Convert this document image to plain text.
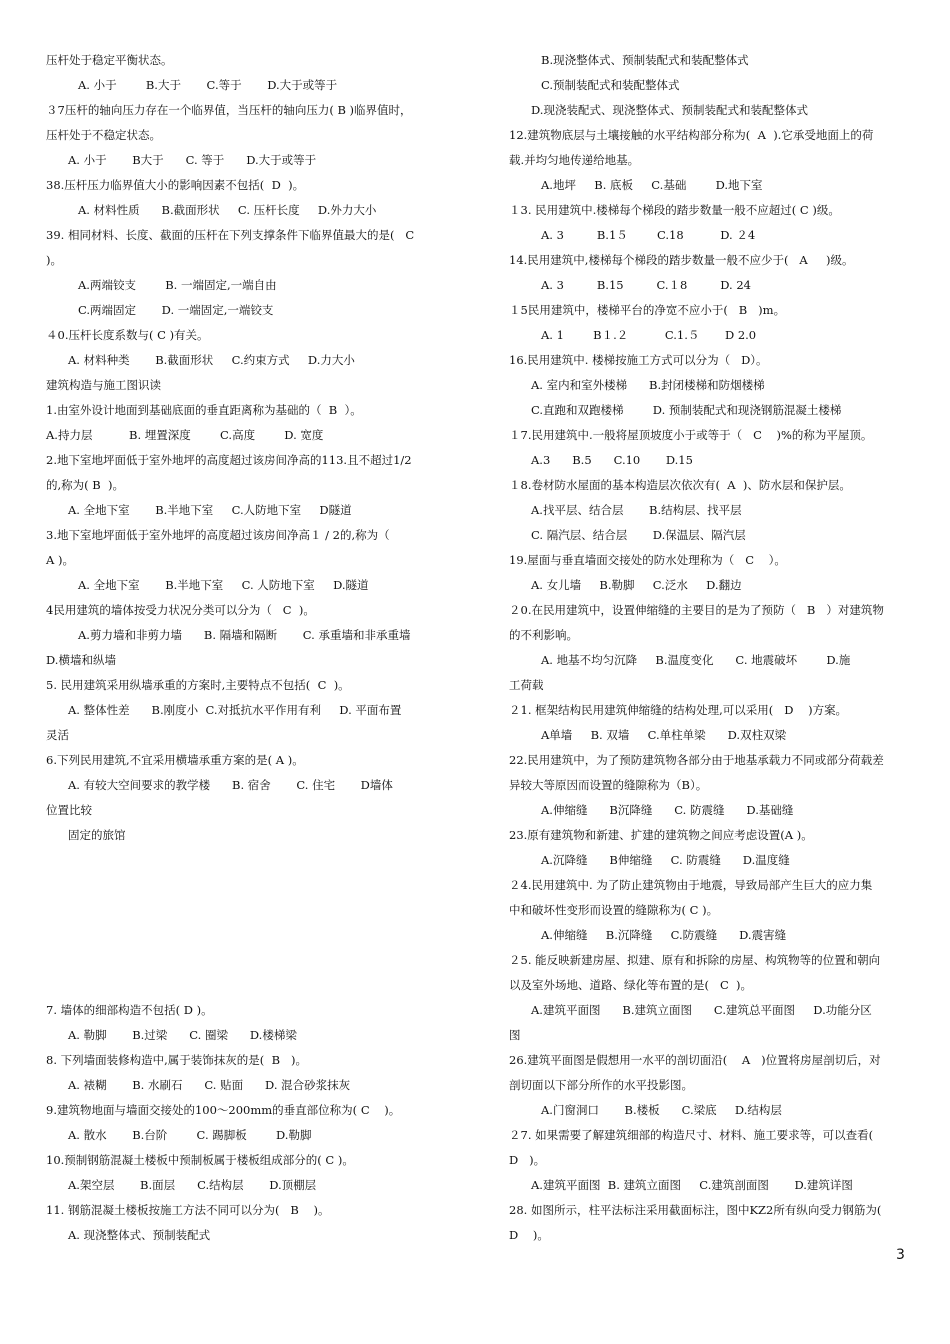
压杆处于稳定平衡状态。
A. 小于        B.大于       C.等于       D.大于或等于
３7压杆的轴向压力存在一个临界值，当压杆的轴向压力( B )临界值时，
压杆处于不稳定状态。
A. 小于       B大于      C. 等于      D.大于或等于
38.压杆压力临界值大小的影响因素不包括(  D  )。
A. 材料性质      B.截面形状     C. 压杆长度     D.外力大小
39. 相同材料、长度、截面的压杆在下列支撑条件下临界值最大的是(   C
)。
A.两端铰支        B. 一端固定,一端自由
C.两端固定       D. 一端固定,一端铰支
４0.压杆长度系数与( C )有关。
A. 材料种类       B.截面形状     C.约束方式     D.力大小
建筑构造与施工图识读
1.由室外设计地面到基础底面的垂直距离称为基础的（  B  ）。
A.持力层          B. 埋置深度        C.高度        D. 宽度
2.地下室地坪面低于室外地坪的高度超过该房间净高的113.且不超过1/2
的,称为( B  )。
A. 全地下室       B.半地下室     C.人防地下室     D隧道
3.地下室地坪面低于室外地坪的高度超过该房间净高１ / 2的,称为（
A )。
A. 全地下室       B.半地下室     C. 人防地下室     D.隧道
4民用建筑的墙体按受力状况分类可以分为（   C  )。
A.剪力墙和非剪力墙      B. 隔墙和隔断       C. 承重墙和非承重墙
D.横墙和纵墙
5. 民用建筑采用纵墙承重的方案时,主要特点不包括(  C  )。
A. 整体性差      B.刚度小  C.对抵抗水平作用有利     D. 平面布置
灵活
6.下列民用建筑,不宜采用横墙承重方案的是( A )。
A. 有较大空间要求的教学楼      B. 宿舍       C. 住宅       D墙体
位置比较
固定的旅馆
7. 墙体的细部构造不包括( D )。
A. 勒脚       B.过梁      C. 圈梁      D.楼梯梁
8. 下列墙面装修构造中,属于装饰抹灰的是(  B   )。
A. 裱糊       B. 水刷石      C. 贴面      D. 混合砂浆抹灰
9.建筑物地面与墙面交接处的100～200mm的垂直部位称为( C    )。
A. 散水       B.台阶        C. 踢脚板        D.勒脚
10.预制钢筋混凝土楼板中预制板属于楼板组成部分的( C )。
A.架空层       B.面层      C.结构层       D.顶棚层
11. 钢筋混凝土楼板按施工方法不同可以分为(   B    )。
A. 现浇整体式、预制装配式
B.现浇整体式、预制装配式和装配整体式
C.预制装配式和装配整体式
D.现浇装配式、现浇整体式、预制装配式和装配整体式
12.建筑物底层与土壤接触的水平结构部分称为(  A  ).它承受地面上的荷
载.并均匀地传递给地基。
A.地坪     B. 底板     C.基础        D.地下室
１3. 民用建筑中.楼梯每个梯段的踏步数量一般不应超过( C )级。
A. 3         B.1５        C.18          D. ２4
14.民用建筑中,楼梯每个梯段的踏步数量一般不应少于(   A     )级。
A. 3         B.15         C.１8         D. 24
１5民用建筑中，楼梯平台的净宽不应小于(   B   )m。
A. 1        B１.２          C.1.５       D 2.0
16.民用建筑中. 楼梯按施工方式可以分为（   D）。
A. 室内和室外楼梯      B.封闭楼梯和防烟楼梯
C.直跑和双跑楼梯        D. 预制装配式和现浇钢筋混凝土楼梯
１7.民用建筑中.一般将屋顶坡度小于或等于（   C    )%的称为平屋顶。
A.3      B.5      C.10       D.15
１8.卷材防水屋面的基本构造层次依次有(  A  )、防水层和保护层。
A.找平层、结合层       B.结构层、找平层
C. 隔汽层、结合层       D.保温层、隔汽层
19.屋面与垂直墙面交接处的防水处理称为（   C    ）。
A. 女儿墙     B.勒脚     C.泛水     D.翻边
２0.在民用建筑中，设置伸缩缝的主要目的是为了预防（   B   ）对建筑物
的不利影响。
A. 地基不均匀沉降     B.温度变化      C. 地震破坏        D.施
工荷载
２1. 框架结构民用建筑伸缩缝的结构处理,可以采用(   D    )方案。
A单墙     B. 双墙     C.单柱单梁      D.双柱双梁
22.民用建筑中，为了预防建筑物各部分由于地基承载力不同或部分荷载差
异较大等原因而设置的缝隙称为（B）。
A.伸缩缝      B沉降缝      C. 防震缝      D.基础缝
23.原有建筑物和新建、扩建的建筑物之间应考虑设置(A )。
A.沉降缝      B伸缩缝     C. 防震缝      D.温度缝
２4.民用建筑中. 为了防止建筑物由于地震，导致局部产生巨大的应力集
中和破坏性变形而设置的缝隙称为( C )。
A.伸缩缝     B.沉降缝     C.防震缝      D.震害缝
２5. 能反映新建房屋、拟建、原有和拆除的房屋、构筑物等的位置和朝向
以及室外场地、道路、绿化等布置的是(   C  )。
A.建筑平面图      B.建筑立面图      C.建筑总平面图     D.功能分区
图
26.建筑平面图是假想用一水平的剖切面沿(    A   )位置将房屋剖切后，对
剖切面以下部分所作的水平投影图。
A.门窗洞口       B.楼板      C.梁底     D.结构层
２7. 如果需要了解建筑细部的构造尺寸、材料、施工要求等，可以查看(
D   )。
A.建筑平面图  B. 建筑立面图     C.建筑剖面图       D.建筑详图
28. 如图所示，柱平法标注采用截面标注，图中KZ2所有纵向受力钢筋为(
D    )。
3
